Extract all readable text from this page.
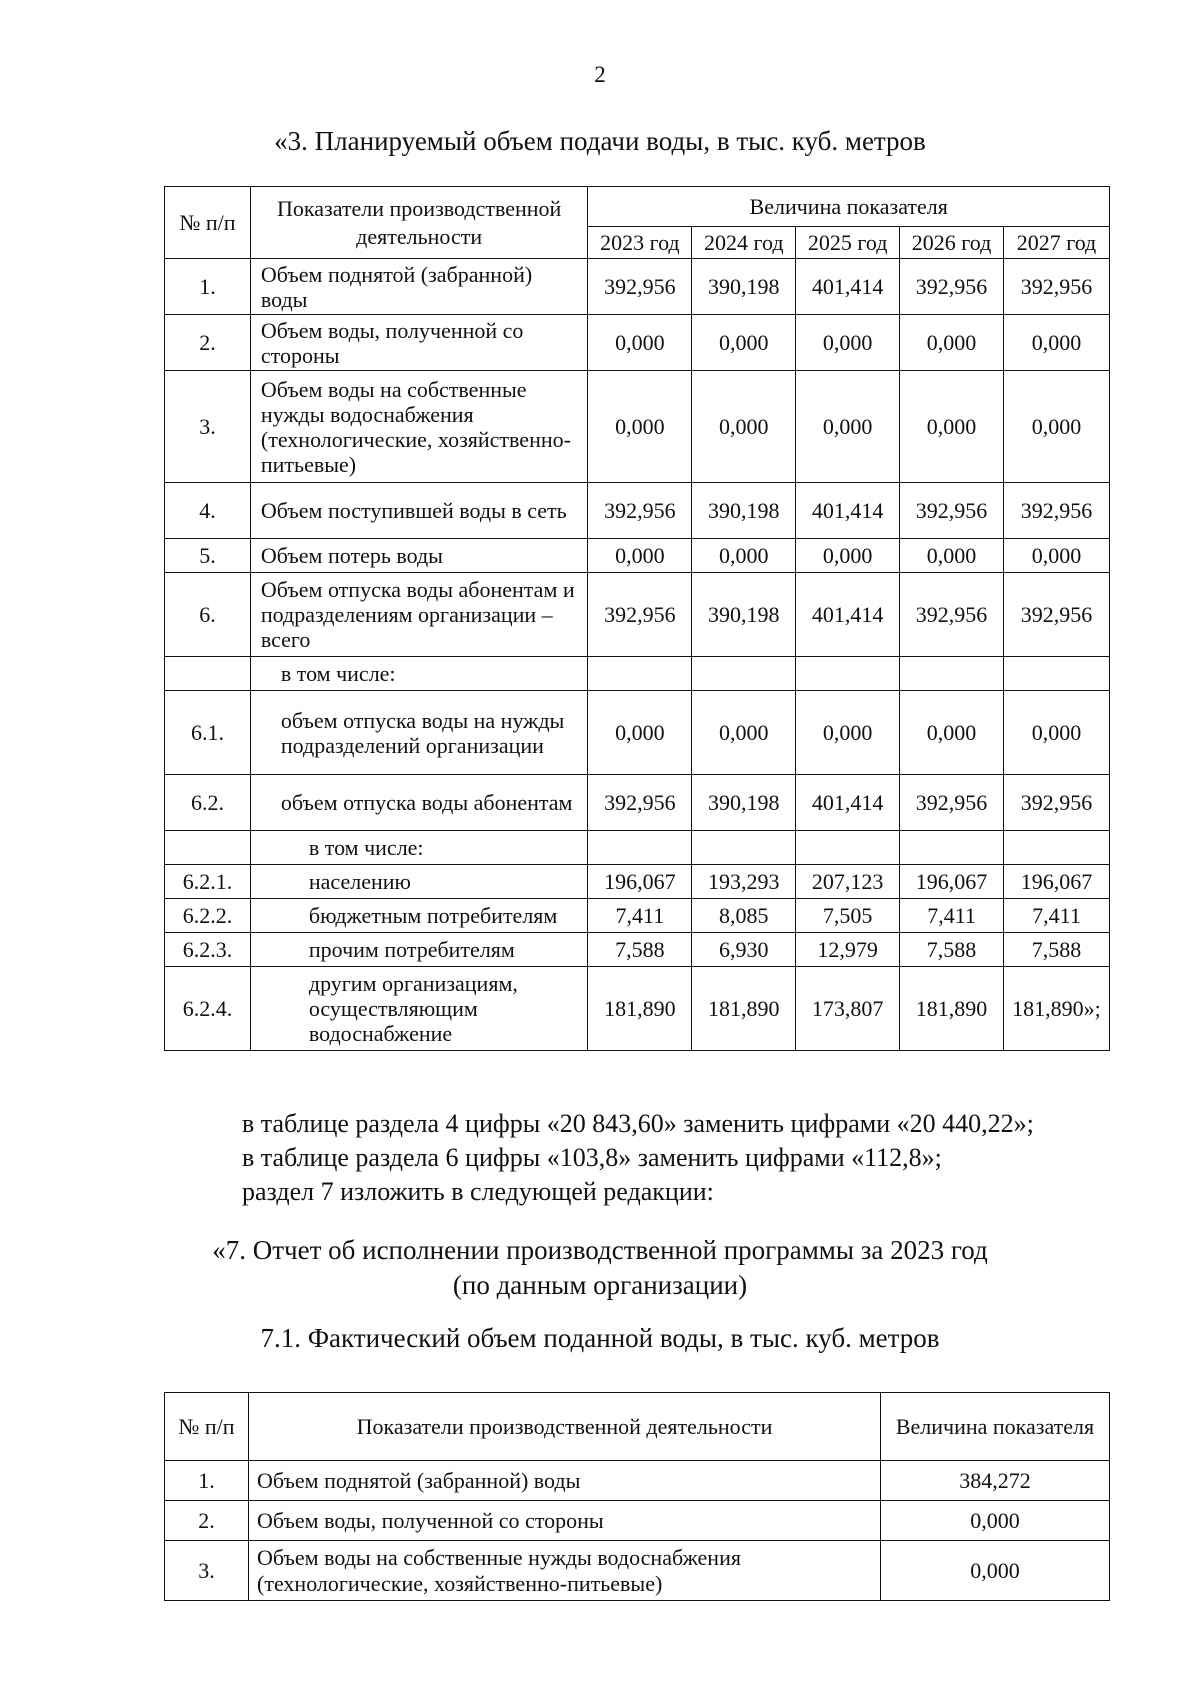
2
«3. Планируемый объем подачи воды, в тыс. куб. метров
№ п/п	Показатели производственной деятельности	Величина показателя				
		2023 год	2024 год	2025 год	2026 год	2027 год
1.	Объем поднятой (забранной) воды	392,956	390,198	401,414	392,956	392,956
2.	Объем воды, полученной со стороны	0,000	0,000	0,000	0,000	0,000
3.	Объем воды на собственные нужды водоснабжения (технологические, хозяйственно-питьевые)	0,000	0,000	0,000	0,000	0,000
4.	Объем поступившей воды в сеть	392,956	390,198	401,414	392,956	392,956
5.	Объем потерь воды	0,000	0,000	0,000	0,000	0,000
6.	Объем отпуска воды абонентам и подразделениям организации – всего	392,956	390,198	401,414	392,956	392,956
	в том числе:					
6.1.	объем отпуска воды на нужды подразделений организации	0,000	0,000	0,000	0,000	0,000
6.2.	объем отпуска воды абонентам	392,956	390,198	401,414	392,956	392,956
	в том числе:					
6.2.1.	населению	196,067	193,293	207,123	196,067	196,067
6.2.2.	бюджетным потребителям	7,411	8,085	7,505	7,411	7,411
6.2.3.	прочим потребителям	7,588	6,930	12,979	7,588	7,588
6.2.4.	другим организациям, осуществляющим водоснабжение	181,890	181,890	173,807	181,890	181,890»;
в таблице раздела 4 цифры «20 843,60» заменить цифрами «20 440,22»;
в таблице раздела 6 цифры «103,8» заменить цифрами «112,8»;
раздел 7 изложить в следующей редакции:
«7. Отчет об исполнении производственной программы за 2023 год
(по данным организации)
7.1. Фактический объем поданной воды, в тыс. куб. метров
№ п/п	Показатели производственной деятельности	Величина показателя
1.	Объем поднятой (забранной) воды	384,272
2.	Объем воды, полученной со стороны	0,000
3.	Объем воды на собственные нужды водоснабжения (технологические, хозяйственно-питьевые)	0,000
